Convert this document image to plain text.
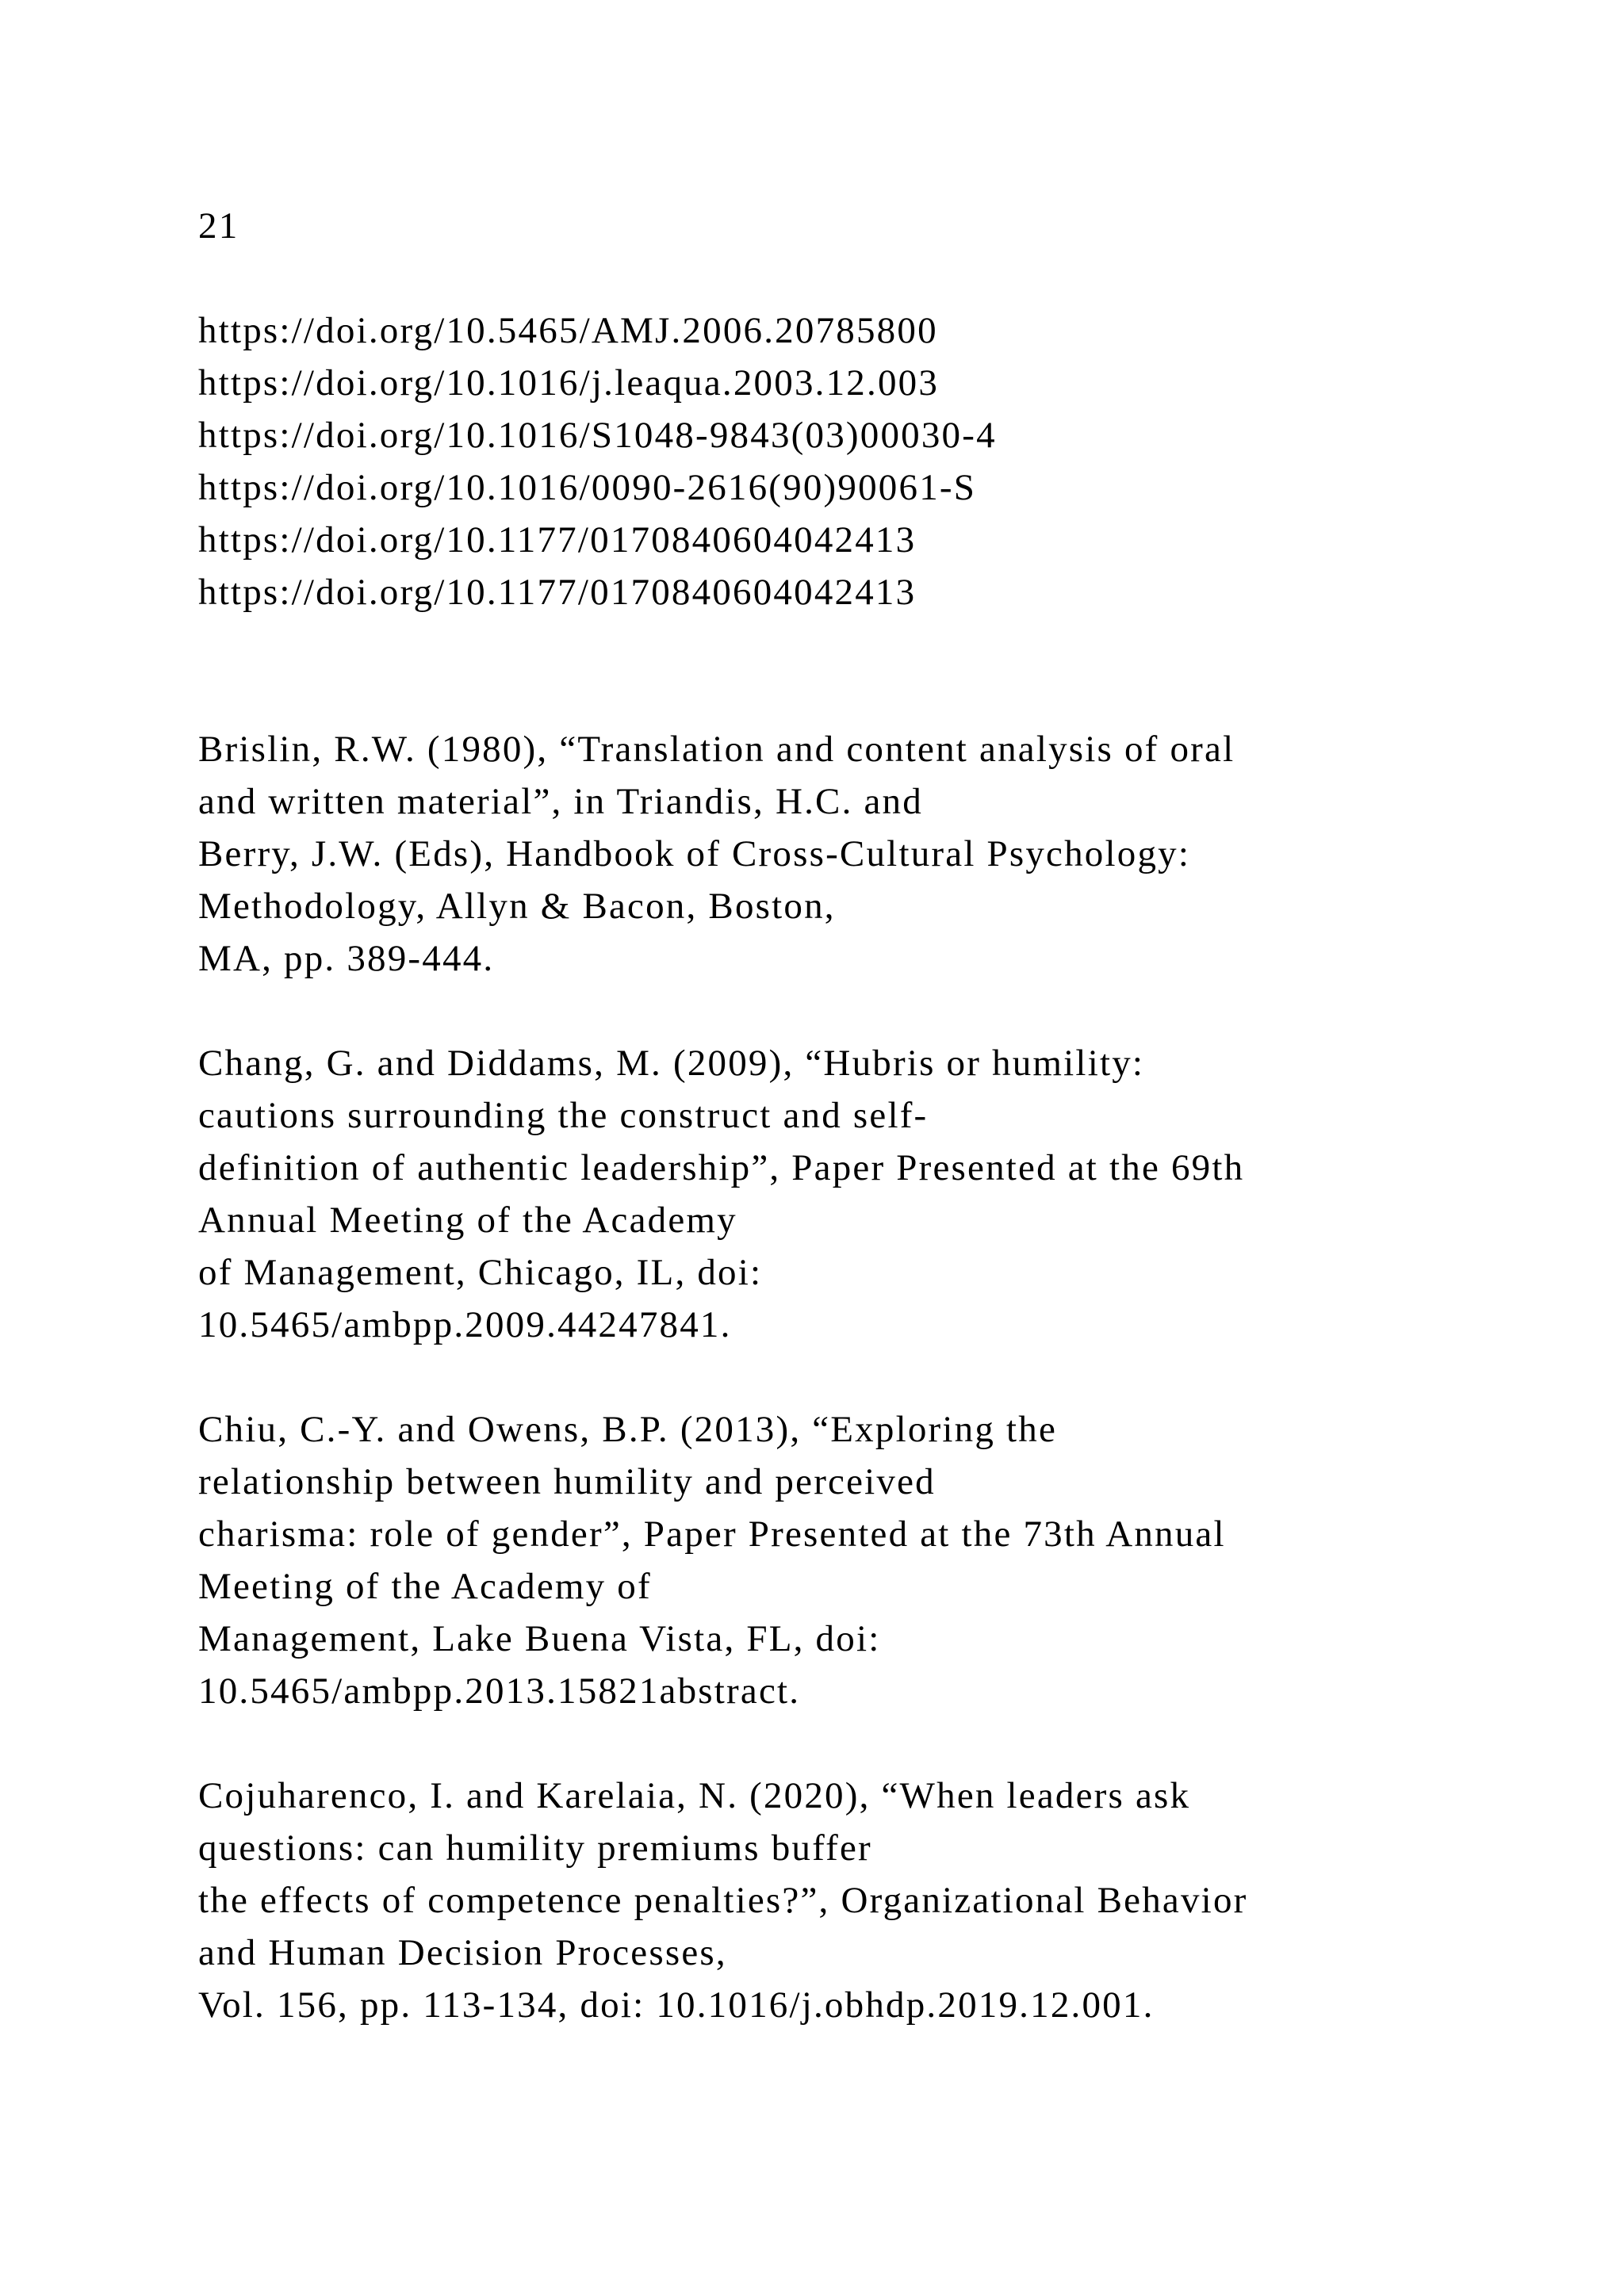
21
https://doi.org/10.5465/AMJ.2006.20785800
https://doi.org/10.1016/j.leaqua.2003.12.003
https://doi.org/10.1016/S1048-9843(03)00030-4
https://doi.org/10.1016/0090-2616(90)90061-S
https://doi.org/10.1177/0170840604042413
https://doi.org/10.1177/0170840604042413
Brislin, R.W. (1980), “Translation and content analysis of oral
and written material”, in Triandis, H.C. and
Berry, J.W. (Eds), Handbook of Cross-Cultural Psychology:
Methodology, Allyn & Bacon, Boston,
MA, pp. 389-444.
Chang, G. and Diddams, M. (2009), “Hubris or humility:
cautions surrounding the construct and self-
definition of authentic leadership”, Paper Presented at the 69th
Annual Meeting of the Academy
of Management, Chicago, IL, doi:
10.5465/ambpp.2009.44247841.
Chiu, C.-Y. and Owens, B.P. (2013), “Exploring the
relationship between humility and perceived
charisma: role of gender”, Paper Presented at the 73th Annual
Meeting of the Academy of
Management, Lake Buena Vista, FL, doi:
10.5465/ambpp.2013.15821abstract.
Cojuharenco, I. and Karelaia, N. (2020), “When leaders ask
questions: can humility premiums buffer
the effects of competence penalties?”, Organizational Behavior
and Human Decision Processes,
Vol. 156, pp. 113-134, doi: 10.1016/j.obhdp.2019.12.001.
